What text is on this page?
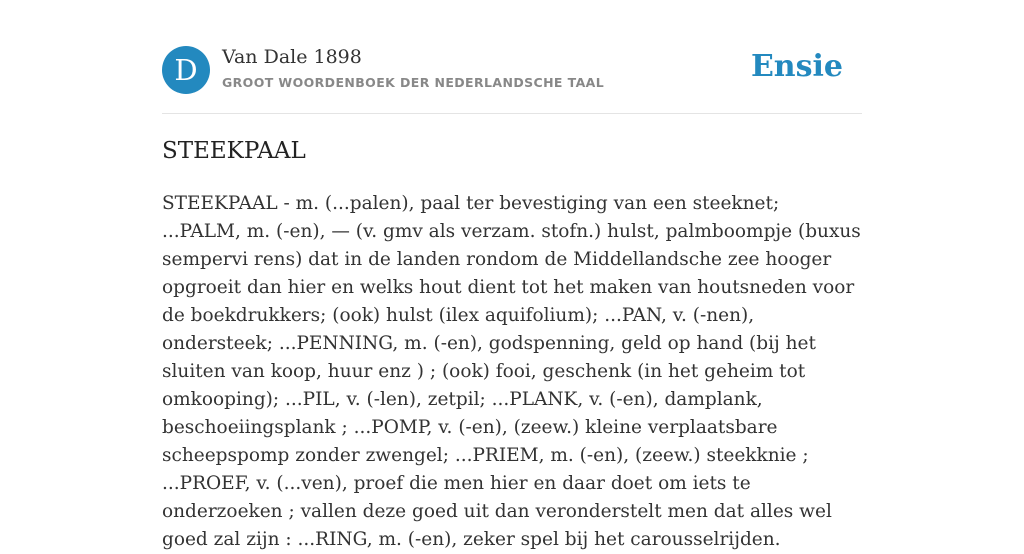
D	Van Dale 1898
GROOT WOORDENBOEK DER NEDERLANDSCHE TAAL	Ensie
STEEKPAAL

STEEKPAAL - m. (...palen), paal ter bevestiging van een steeknet; ...PALM, m. (-en), — (v. gmv als verzam. stofn.) hulst, palmboompje (buxus sempervi rens) dat in de landen rondom de Middellandsche zee hooger opgroeit dan hier en welks hout dient tot het maken van houtsneden voor de boekdrukkers; (ook) hulst (ilex aquifolium); ...PAN, v. (-nen), ondersteek; ...PENNING, m. (-en), godspenning, geld op hand (bij het sluiten van koop, huur enz ) ; (ook) fooi, geschenk (in het geheim tot omkooping); ...PIL, v. (-len), zetpil; ...PLANK, v. (-en), damplank, beschoeiingsplank ; ...POMP, v. (-en), (zeew.) kleine verplaatsbare scheepspomp zonder zwengel; ...PRIEM, m. (-en), (zeew.) steekknie ; ...PROEF, v. (...ven), proef die men hier en daar doet om iets te onderzoeken ; vallen deze goed uit dan veronderstelt men dat alles wel goed zal zijn : ...RING, m. (-en), zeker spel bij het carousselrijden.
